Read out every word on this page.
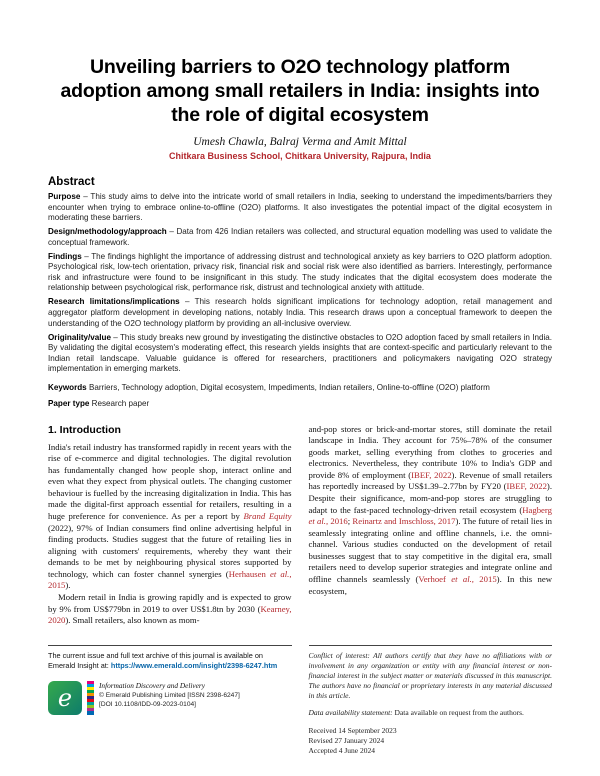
Unveiling barriers to O2O technology platform adoption among small retailers in India: insights into the role of digital ecosystem
Umesh Chawla, Balraj Verma and Amit Mittal
Chitkara Business School, Chitkara University, Rajpura, India
Abstract

Purpose – This study aims to delve into the intricate world of small retailers in India, seeking to understand the impediments/barriers they encounter when trying to embrace online-to-offline (O2O) platforms. It also investigates the potential impact of the digital ecosystem in moderating these barriers.

Design/methodology/approach – Data from 426 Indian retailers was collected, and structural equation modelling was used to validate the conceptual framework.

Findings – The findings highlight the importance of addressing distrust and technological anxiety as key barriers to O2O platform adoption. Psychological risk, low-tech orientation, privacy risk, financial risk and social risk were also identified as barriers. Interestingly, performance risk and infrastructure were found to be insignificant in this study. The study indicates that the digital ecosystem does moderate the relationship between psychological risk, performance risk, distrust and technological anxiety with attitude.

Research limitations/implications – This research holds significant implications for technology adoption, retail management and aggregator platform development in developing nations, notably India. This research draws upon a conceptual framework to deepen the understanding of the O2O technology platform by providing an all-inclusive overview.

Originality/value – This study breaks new ground by investigating the distinctive obstacles to O2O adoption faced by small retailers in India. By validating the digital ecosystem's moderating effect, this research yields insights that are context-specific and particularly relevant to the Indian retail landscape. Valuable guidance is offered for researchers, practitioners and policymakers navigating O2O strategy implementation in emerging markets.

Keywords Barriers, Technology adoption, Digital ecosystem, Impediments, Indian retailers, Online-to-offline (O2O) platform

Paper type Research paper

1. Introduction

India's retail industry has transformed rapidly in recent years with the rise of e-commerce and digital technologies. The digital revolution has fundamentally changed how people shop, interact online and even what they expect from physical outlets. The changing customer behaviour is fuelled by the increasing digitalization in India. This has made the digital-first approach essential for retailers, resulting in a huge preference for convenience. As per a report by Brand Equity (2022), 97% of Indian consumers find online advertising helpful in finding products. Studies suggest that the future of retailing lies in aligning with customers' requirements, whereby they want their demands to be met by neighbouring physical stores supported by technology, which can foster channel synergies (Herhausen et al., 2015).

Modern retail in India is growing rapidly and is expected to grow by 9% from US$779bn in 2019 to over US$1.8tn by 2030 (Kearney, 2020). Small retailers, also known as mom-

and-pop stores or brick-and-mortar stores, still dominate the retail landscape in India. They account for 75%–78% of the consumer goods market, selling everything from clothes to groceries and electronics. Nevertheless, they contribute 10% to India's GDP and provide 8% of employment (IBEF, 2022). Revenue of small retailers has reportedly increased by US$1.39–2.77bn by FY20 (IBEF, 2022). Despite their significance, mom-and-pop stores are struggling to adapt to the fast-paced technology-driven retail ecosystem (Hagberg et al., 2016; Reinartz and Imschloss, 2017). The future of retail lies in seamlessly integrating online and offline channels, i.e. the omni-channel. Various studies conducted on the development of retail businesses suggest that to stay competitive in the digital era, small retailers need to develop superior strategies and integrate online and offline channels seamlessly (Verhoef et al., 2015). In this new ecosystem,

The current issue and full text archive of this journal is available on Emerald Insight at: https://www.emerald.com/insight/2398-6247.htm

e	Information Discovery and Delivery
© Emerald Publishing Limited [ISSN 2398-6247]
[DOI 10.1108/IDD-09-2023-0104]

Conflict of interest: All authors certify that they have no affiliations with or involvement in any organization or entity with any financial interest or non-financial interest in the subject matter or materials discussed in this manuscript. The authors have no financial or proprietary interests in any material discussed in this article.

Data availability statement: Data available on request from the authors.

Received 14 September 2023
Revised 27 January 2024
Accepted 4 June 2024
